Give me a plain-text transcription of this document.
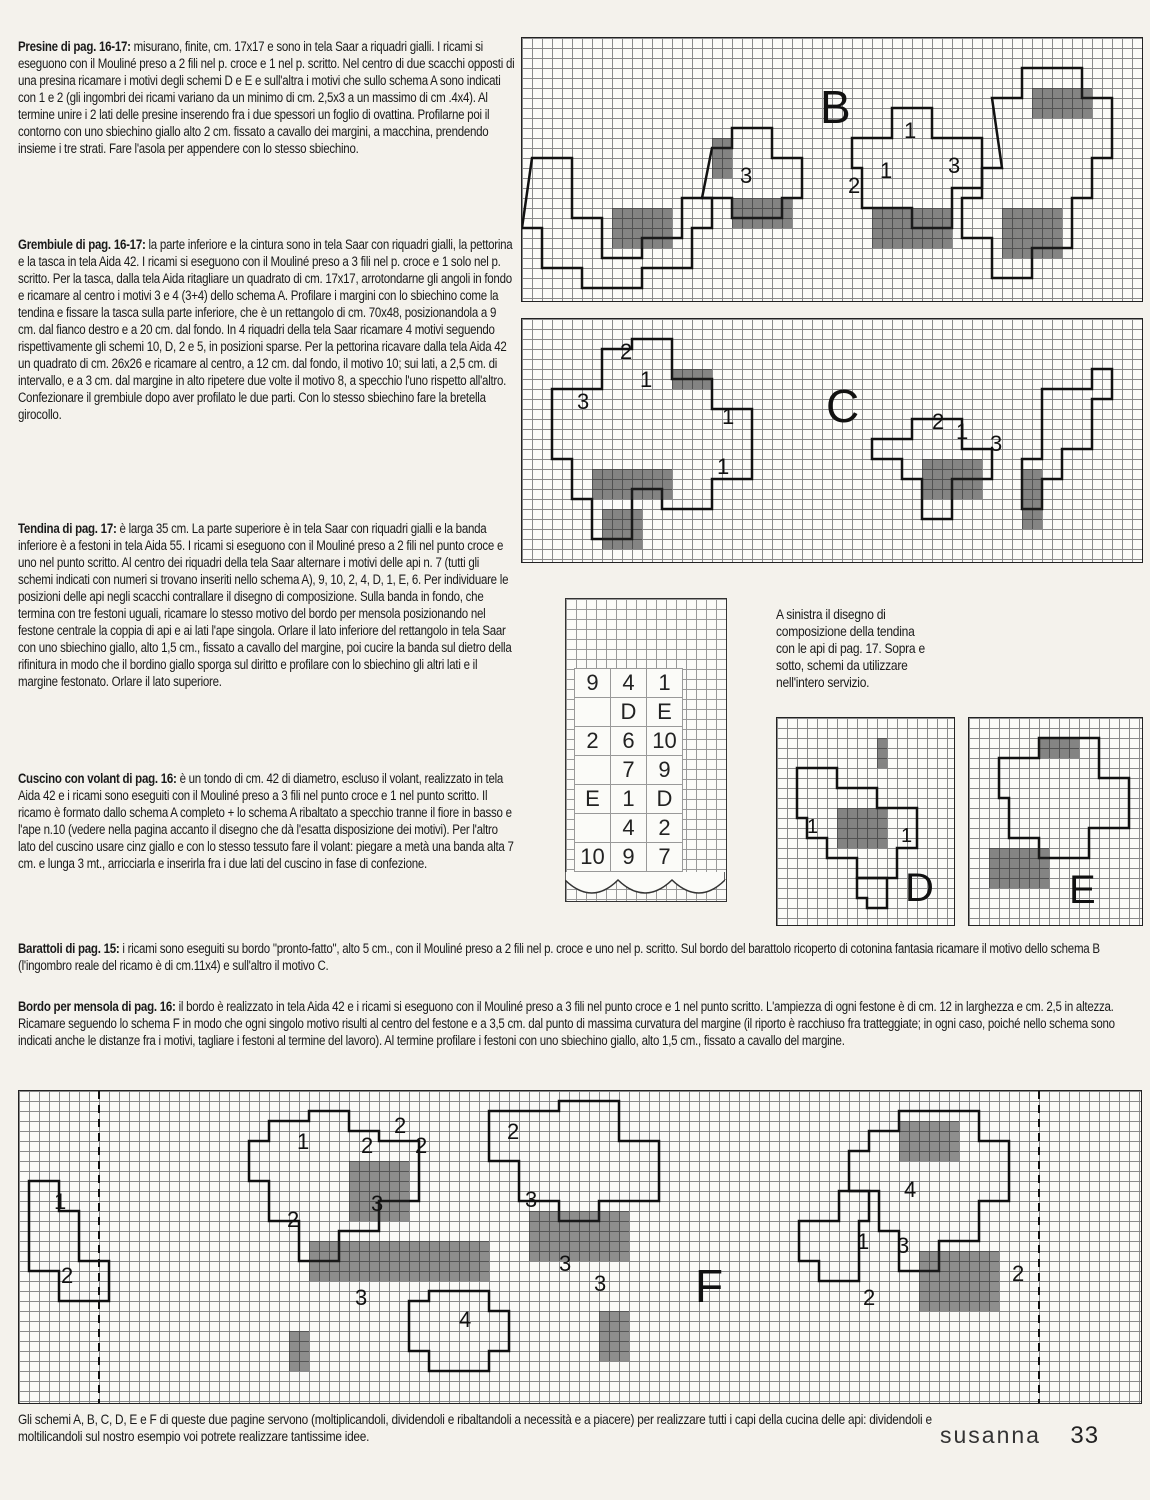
Presine di pag. 16-17: misurano, finite, cm. 17x17 e sono in tela Saar a riquadri gialli. I ricami si eseguono con il Mouliné preso a 2 fili nel p. croce e 1 nel p. scritto. Nel centro di due scacchi opposti di una presina ricamare i motivi degli schemi D e E e sull'altra i motivi che sullo schema A sono indicati con 1 e 2 (gli ingombri dei ricami variano da un minimo di cm. 2,5x3 a un massimo di cm .4x4). Al termine unire i 2 lati delle presine inserendo fra i due spessori un foglio di ovattina. Profilarne poi il contorno con uno sbiechino giallo alto 2 cm. fissato a cavallo dei margini, a macchina, prendendo insieme i tre strati. Fare l'asola per appendere con lo stesso sbiechino.
Grembiule di pag. 16-17: la parte inferiore e la cintura sono in tela Saar con riquadri gialli, la pettorina e la tasca in tela Aida 42. I ricami si eseguono con il Mouliné preso a 3 fili nel p. croce e 1 solo nel p. scritto. Per la tasca, dalla tela Aida ritagliare un quadrato di cm. 17x17, arrotondarne gli angoli in fondo e ricamare al centro i motivi 3 e 4 (3+4) dello schema A. Profilare i margini con lo sbiechino come la tendina e fissare la tasca sulla parte inferiore, che è un rettangolo di cm. 70x48, posizionandola a 9 cm. dal fianco destro e a 20 cm. dal fondo. In 4 riquadri della tela Saar ricamare 4 motivi seguendo rispettivamente gli schemi 10, D, 2 e 5, in posizioni sparse. Per la pettorina ricavare dalla tela Aida 42 un quadrato di cm. 26x26 e ricamare al centro, a 12 cm. dal fondo, il motivo 10; sui lati, a 2,5 cm. di intervallo, e a 3 cm. dal margine in alto ripetere due volte il motivo 8, a specchio l'uno rispetto all'altro. Confezionare il grembiule dopo aver profilato le due parti. Con lo stesso sbiechino fare la bretella girocollo.
Tendina di pag. 17: è larga 35 cm. La parte superiore è in tela Saar con riquadri gialli e la banda inferiore è a festoni in tela Aida 55. I ricami si eseguono con il Mouliné preso a 2 fili nel punto croce e uno nel punto scritto. Al centro dei riquadri della tela Saar alternare i motivi delle api n. 7 (tutti gli schemi indicati con numeri si trovano inseriti nello schema A), 9, 10, 2, 4, D, 1, E, 6. Per individuare le posizioni delle api negli scacchi contrallare il disegno di composizione. Sulla banda in fondo, che termina con tre festoni uguali, ricamare lo stesso motivo del bordo per mensola posizionando nel festone centrale la coppia di api e ai lati l'ape singola. Orlare il lato inferiore del rettangolo in tela Saar con uno sbiechino giallo, alto 1,5 cm., fissato a cavallo del margine, poi cucire la banda sul dietro della rifinitura in modo che il bordino giallo sporga sul diritto e profilare con lo sbiechino gli altri lati e il margine festonato. Orlare il lato superiore.
Cuscino con volant di pag. 16: è un tondo di cm. 42 di diametro, escluso il volant, realizzato in tela Aida 42 e i ricami sono eseguiti con il Mouliné preso a 3 fili nel punto croce e 1 nel punto scritto. Il ricamo è formato dallo schema A completo + lo schema A ribaltato a specchio tranne il fiore in basso e l'ape n.10 (vedere nella pagina accanto il disegno che dà l'esatta disposizione dei motivi). Per l'altro lato del cuscino usare cinz giallo e con lo stesso tessuto fare il volant: piegare a metà una banda alta 7 cm. e lunga 3 mt., arricciarla e inserirla fra i due lati del cuscino in fase di confezione.
3	2
1	3
1
B
2
1
3
1
1
2 1 3
C
9	4	1
	D	E
2	6	10
	7	9
E	1	D
	4	2
10	9	7
A sinistra il disegno di composizione della tendina con le api di pag. 17. Sopra e sotto, schemi da utilizzare nell'intero servizio.
1	1
D	E
Barattoli di pag. 15: i ricami sono eseguiti su bordo "pronto-fatto", alto 5 cm., con il Mouliné preso a 2 fili nel p. croce e uno nel p. scritto. Sul bordo del barattolo ricoperto di cotonina fantasia ricamare il motivo dello schema B (l'ingombro reale del ricamo è di cm.11x4) e sull'altro il motivo C.
Bordo per mensola di pag. 16: il bordo è realizzato in tela Aida 42 e i ricami si eseguono con il Mouliné preso a 3 fili nel punto croce e 1 nel punto scritto. L'ampiezza di ogni festone è di cm. 12 in larghezza e cm. 2,5 in altezza. Ricamare seguendo lo schema F in modo che ogni singolo motivo risulti al centro del festone e a 3,5 cm. dal punto di massima curvatura del margine (il riporto è racchiuso fra tratteggiate; in ogni caso, poiché nello schema sono indicati anche le distanze fra i motivi, tagliare i festoni al termine del lavoro). Al termine profilare i festoni con uno sbiechino giallo, alto 1,5 cm., fissato a cavallo del margine.
1
2
1 2
2
2
2
2
3	3
4
3
3
3
4
1 3
2
2
F
Gli schemi A, B, C, D, E e F di queste due pagine servono (moltiplicandoli, dividendoli e ribaltandoli a necessità e a piacere) per realizzare tutti i capi della cucina delle api: dividendoli e moltilicandoli sul nostro esempio voi potrete realizzare tantissime idee.	susanna 33
